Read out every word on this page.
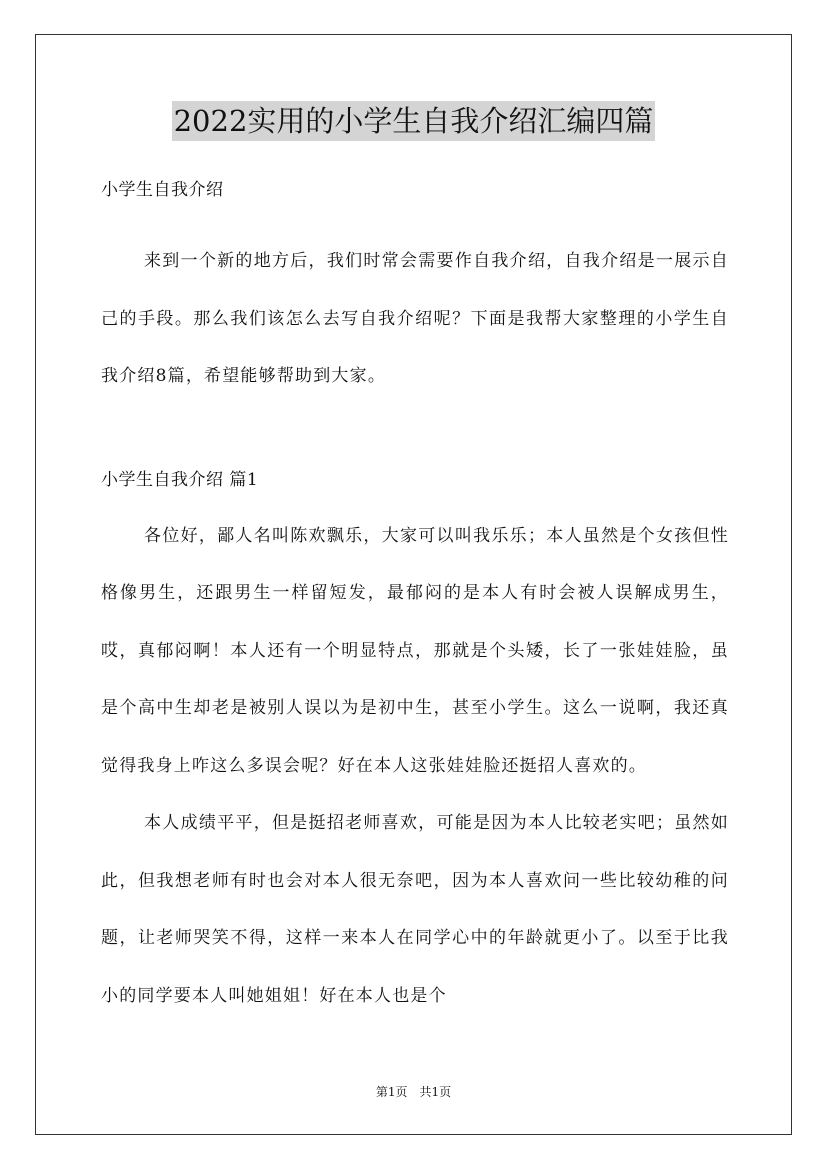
2022实用的小学生自我介绍汇编四篇

小学生自我介绍

来到一个新的地方后，我们时常会需要作自我介绍，自我介绍是一展示自己的手段。那么我们该怎么去写自我介绍呢？下面是我帮大家整理的小学生自我介绍8篇，希望能够帮助到大家。

小学生自我介绍 篇1

各位好，鄙人名叫陈欢飘乐，大家可以叫我乐乐；本人虽然是个女孩但性格像男生，还跟男生一样留短发，最郁闷的是本人有时会被人误解成男生，哎，真郁闷啊！本人还有一个明显特点，那就是个头矮，长了一张娃娃脸，虽是个高中生却老是被别人误以为是初中生，甚至小学生。这么一说啊，我还真觉得我身上咋这么多误会呢？好在本人这张娃娃脸还挺招人喜欢的。

本人成绩平平，但是挺招老师喜欢，可能是因为本人比较老实吧；虽然如此，但我想老师有时也会对本人很无奈吧，因为本人喜欢问一些比较幼稚的问题，让老师哭笑不得，这样一来本人在同学心中的年龄就更小了。以至于比我小的同学要本人叫她姐姐！好在本人也是个

第1页　共1页
